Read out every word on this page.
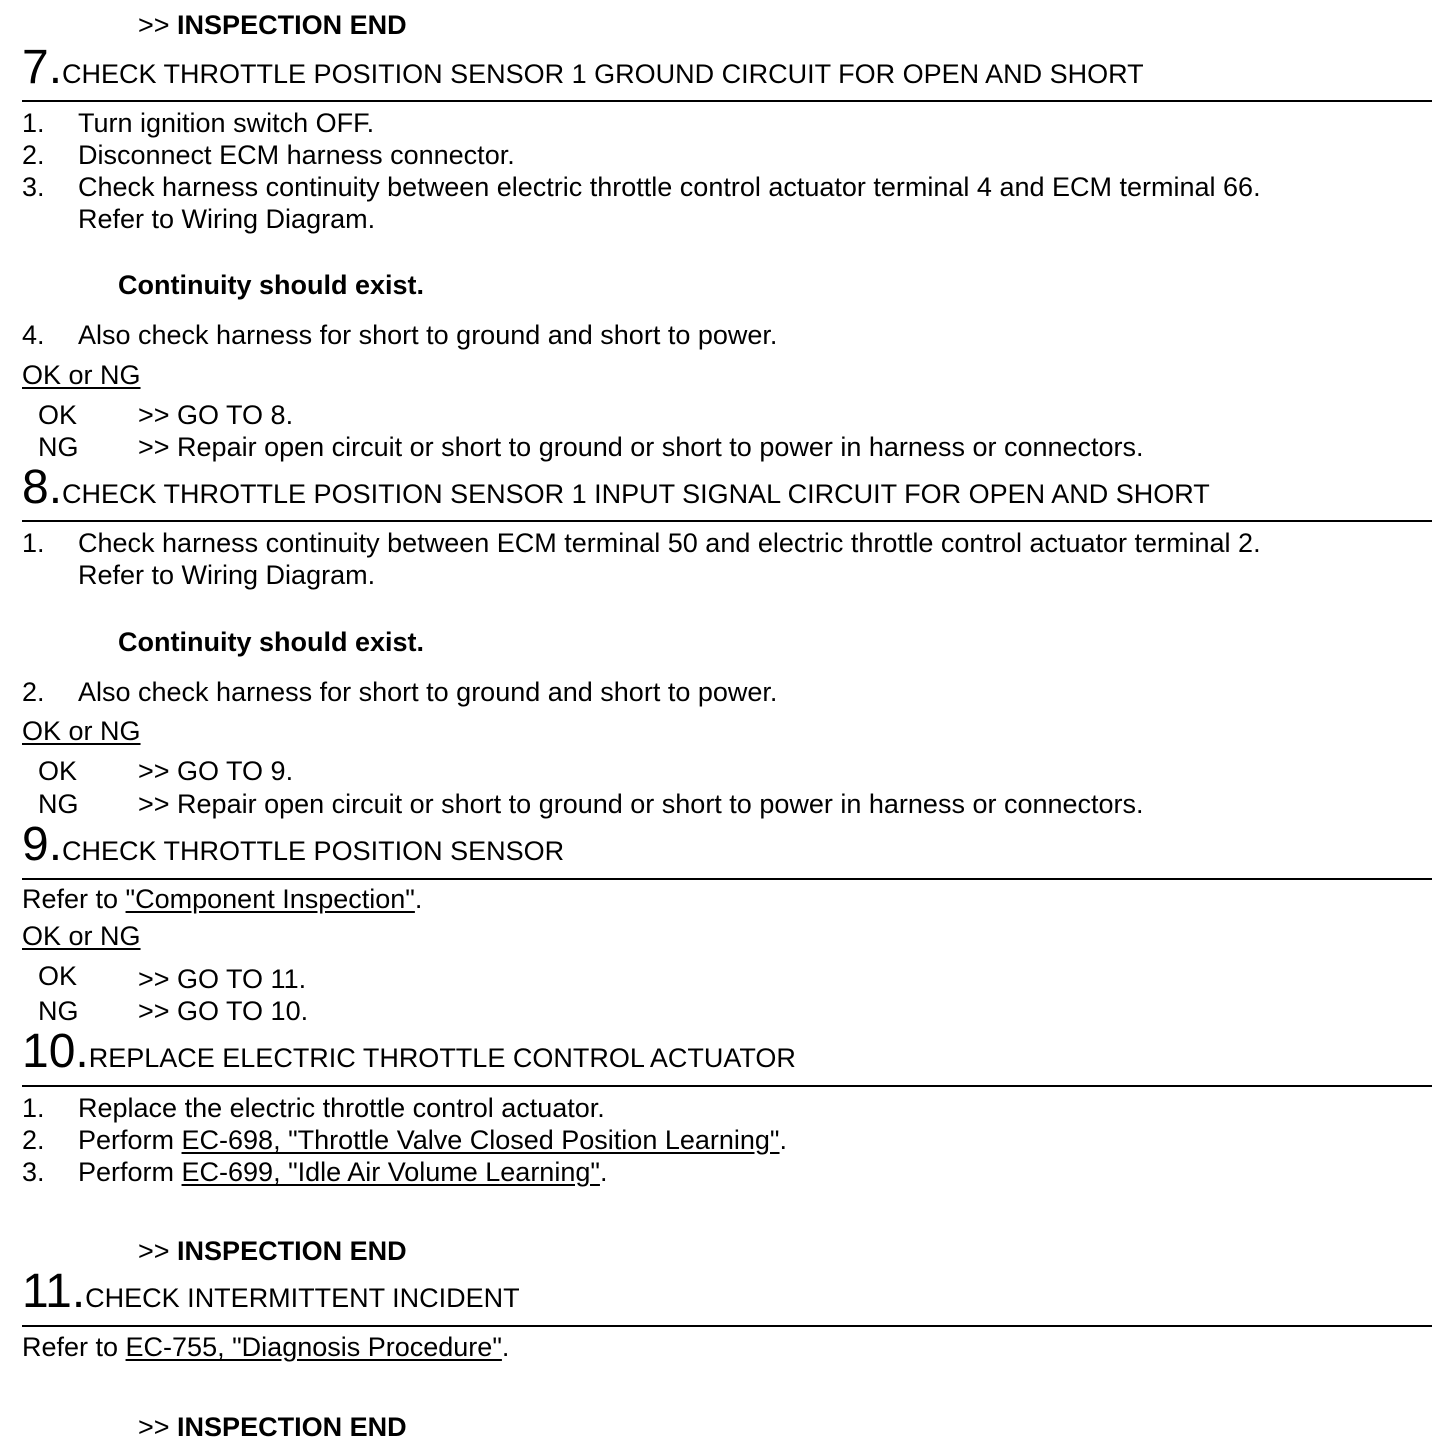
>> INSPECTION END
7.CHECK THROTTLE POSITION SENSOR 1 GROUND CIRCUIT FOR OPEN AND SHORT
1. Turn ignition switch OFF.
2. Disconnect ECM harness connector.
3. Check harness continuity between electric throttle control actuator terminal 4 and ECM terminal 66.
Refer to Wiring Diagram.
Continuity should exist.
4. Also check harness for short to ground and short to power.
OK or NG
OK >> GO TO 8.
NG >> Repair open circuit or short to ground or short to power in harness or connectors.
8.CHECK THROTTLE POSITION SENSOR 1 INPUT SIGNAL CIRCUIT FOR OPEN AND SHORT
1. Check harness continuity between ECM terminal 50 and electric throttle control actuator terminal 2.
Refer to Wiring Diagram.
Continuity should exist.
2. Also check harness for short to ground and short to power.
OK or NG
OK >> GO TO 9.
NG >> Repair open circuit or short to ground or short to power in harness or connectors.
9.CHECK THROTTLE POSITION SENSOR
Refer to "Component Inspection".
OK or NG
OK >> GO TO 11.
NG >> GO TO 10.
10.REPLACE ELECTRIC THROTTLE CONTROL ACTUATOR
1. Replace the electric throttle control actuator.
2. Perform EC-698, "Throttle Valve Closed Position Learning".
3. Perform EC-699, "Idle Air Volume Learning".
>> INSPECTION END
11.CHECK INTERMITTENT INCIDENT
Refer to EC-755, "Diagnosis Procedure".
>> INSPECTION END
